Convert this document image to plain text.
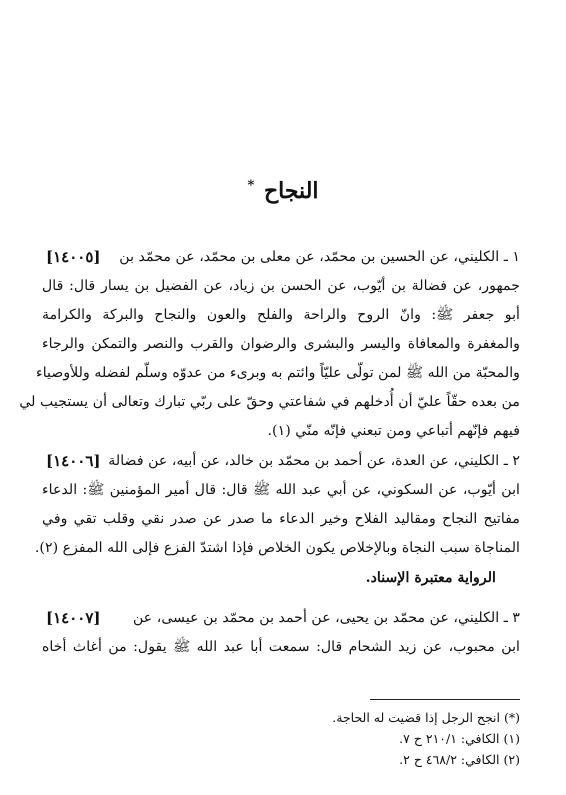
النجاح *
[١٤٠٠٥]	١ ـ الكليني، عن الحسين بن محمّد، عن معلى بن محمّد، عن محمّد بن
جمهور، عن فضالة بن أيّوب، عن الحسن بن زياد، عن الفضيل بن يسار قال: قال
أبو جعفر ﷺ: وانّ الروح والراحة والفلح والعون والنجاح والبركة والكرامة
والمغفرة والمعافاة واليسر والبشرى والرضوان والقرب والنصر والتمكن والرجاء
والمحبّة من الله ﷺ لمن تولّى عليّاً وائتم به وبرىء من عدوّه وسلّم لفضله وللأوصياء
من بعده حقّاً عليّ أن أُدخلهم في شفاعتي وحقّ على ربّي تبارك وتعالى أن يستجيب لي
فيهم فإنّهم أتباعي ومن تبعني فإنّه منّي (١).
[١٤٠٠٦] ٢ ـ الكليني، عن العدة، عن أحمد بن محمّد بن خالد، عن أبيه، عن فضالة
ابن أيّوب، عن السكوني، عن أبي عبد الله ﷺ قال: قال أمير المؤمنين ﷺ: الدعاء
مفاتيح النجاح ومقاليد الفلاح وخير الدعاء ما صدر عن صدر نقي وقلب تقي وفي
المناجاة سبب النجاة وبالإخلاص يكون الخلاص فإذا اشتدّ الفزع فإلى الله المفزع (٢).
الرواية معتبرة الإسناد.
[١٤٠٠٧]	٣ ـ الكليني، عن محمّد بن يحيى، عن أحمد بن محمّد بن عيسى، عن
ابن محبوب، عن زيد الشحام قال: سمعت أبا عبد الله ﷺ يقول: من أغاث أخاه
(*) انجح الرجل إذا قضيت له الحاجة.
(١) الكافي: ٢١٠/١ ح ٧.
(٢) الكافي: ٤٦٨/٢ ح ٢.
